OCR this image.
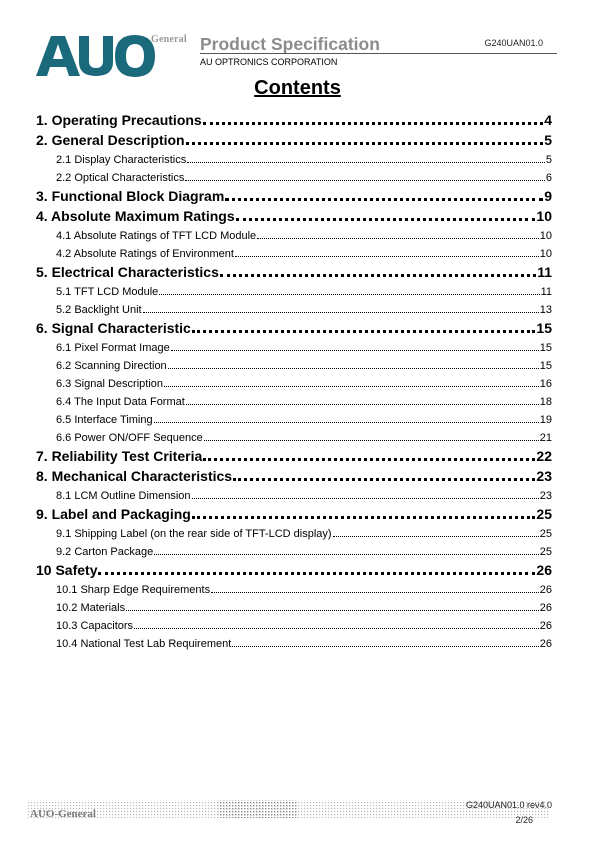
General Product Specification	G240UAN01.0
AU OPTRONICS CORPORATION
Contents
1. Operating Precautions	4
2. General Description	5
2.1 Display Characteristics	5
2.2 Optical Characteristics	6
3. Functional Block Diagram	9
4. Absolute Maximum Ratings	10
4.1 Absolute Ratings of TFT LCD Module	10
4.2 Absolute Ratings of Environment	10
5. Electrical Characteristics	11
5.1 TFT LCD Module	11
5.2 Backlight Unit	13
6. Signal Characteristic	15
6.1 Pixel Format Image	15
6.2 Scanning Direction	15
6.3 Signal Description	16
6.4 The Input Data Format	18
6.5 Interface Timing	19
6.6 Power ON/OFF Sequence	21
7. Reliability Test Criteria	22
8. Mechanical Characteristics	23
8.1 LCM Outline Dimension	23
9. Label and Packaging	25
9.1 Shipping Label (on the rear side of TFT-LCD display)	25
9.2 Carton Package	25
10 Safety	26
10.1 Sharp Edge Requirements	26
10.2 Materials	26
10.3 Capacitors	26
10.4 National Test Lab Requirement	26
AUO-General
G240UAN01.0 rev4.0
2/26
